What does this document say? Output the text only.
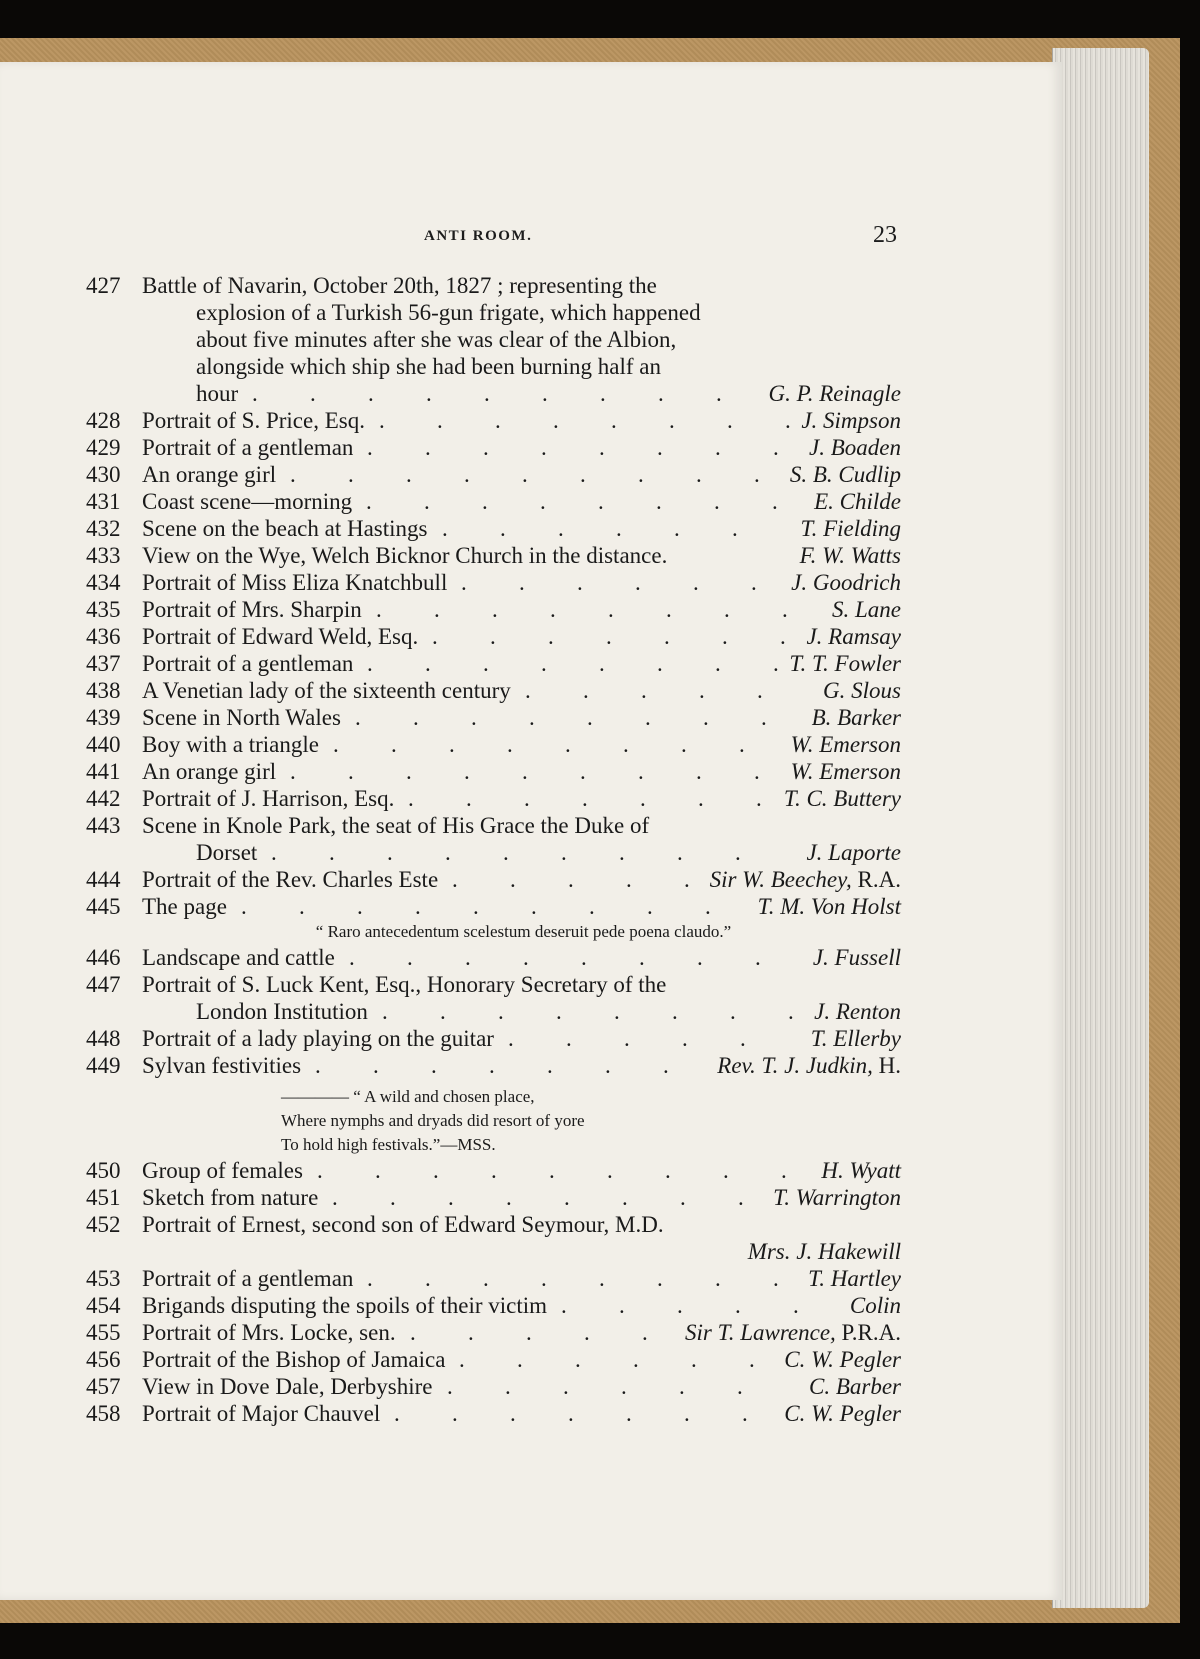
ANTI ROOM.	23
427 Battle of Navarin, October 20th, 1827 ; representing the
explosion of a Turkish 56-gun frigate, which happened
about five minutes after she was clear of the Albion,
alongside which ship she had been burning half an
hour . . . . . . . . . G. P. Reinagle
428 Portrait of S. Price, Esq. . . . . . . . . J. Simpson
429 Portrait of a gentleman . . . . . . . . J. Boaden
430 An orange girl . . . . . . . . . S. B. Cudlip
431 Coast scene—morning . . . . . . . . E. Childe
432 Scene on the beach at Hastings . . . . . .	T. Fielding
433 View on the Wye, Welch Bicknor Church in the distance.	F. W. Watts
434 Portrait of Miss Eliza Knatchbull . . . . . . J. Goodrich
435 Portrait of Mrs. Sharpin . . . . . . . . S. Lane
436 Portrait of Edward Weld, Esq. . . . . . . . J. Ramsay
437 Portrait of a gentleman . . . . . . . . T. T. Fowler
438 A Venetian lady of the sixteenth century . . . . .	G. Slous
439 Scene in North Wales . . . . . . . . B. Barker
440 Boy with a triangle . . . . . . . . W. Emerson
441 An orange girl . . . . . . . . . W. Emerson
442 Portrait of J. Harrison, Esq. . . . . . . . T. C. Buttery
443 Scene in Knole Park, the seat of His Grace the Duke of
Dorset . . . . . . . . .	J. Laporte
444 Portrait of the Rev. Charles Este . . . . . Sir W. Beechey, R.A.
445 The page . . . . . . . . . T. M. Von Holst
“ Raro antecedentum scelestum deseruit pede poena claudo.”
446 Landscape and cattle . . . . . . . . J. Fussell
447 Portrait of S. Luck Kent, Esq., Honorary Secretary of the
London Institution . . . . . . . . J. Renton
448 Portrait of a lady playing on the guitar . . . . .	T. Ellerby
449 Sylvan festivities . . . . . . . Rev. T. J. Judkin, H.
———— “ A wild and chosen place,
Where nymphs and dryads did resort of yore
To hold high festivals.”—MSS.
450 Group of females . . . . . . . . . H. Wyatt
451 Sketch from nature . . . . . . . . T. Warrington
452 Portrait of Ernest, second son of Edward Seymour, M.D.
Mrs. J. Hakewill
453 Portrait of a gentleman . . . . . . . . T. Hartley
454 Brigands disputing the spoils of their victim . . . . . Colin
455 Portrait of Mrs. Locke, sen. . . . . . Sir T. Lawrence, P.R.A.
456 Portrait of the Bishop of Jamaica . . . . . . C. W. Pegler
457 View in Dove Dale, Derbyshire . . . . . .	C. Barber
458 Portrait of Major Chauvel . . . . . . . C. W. Pegler
